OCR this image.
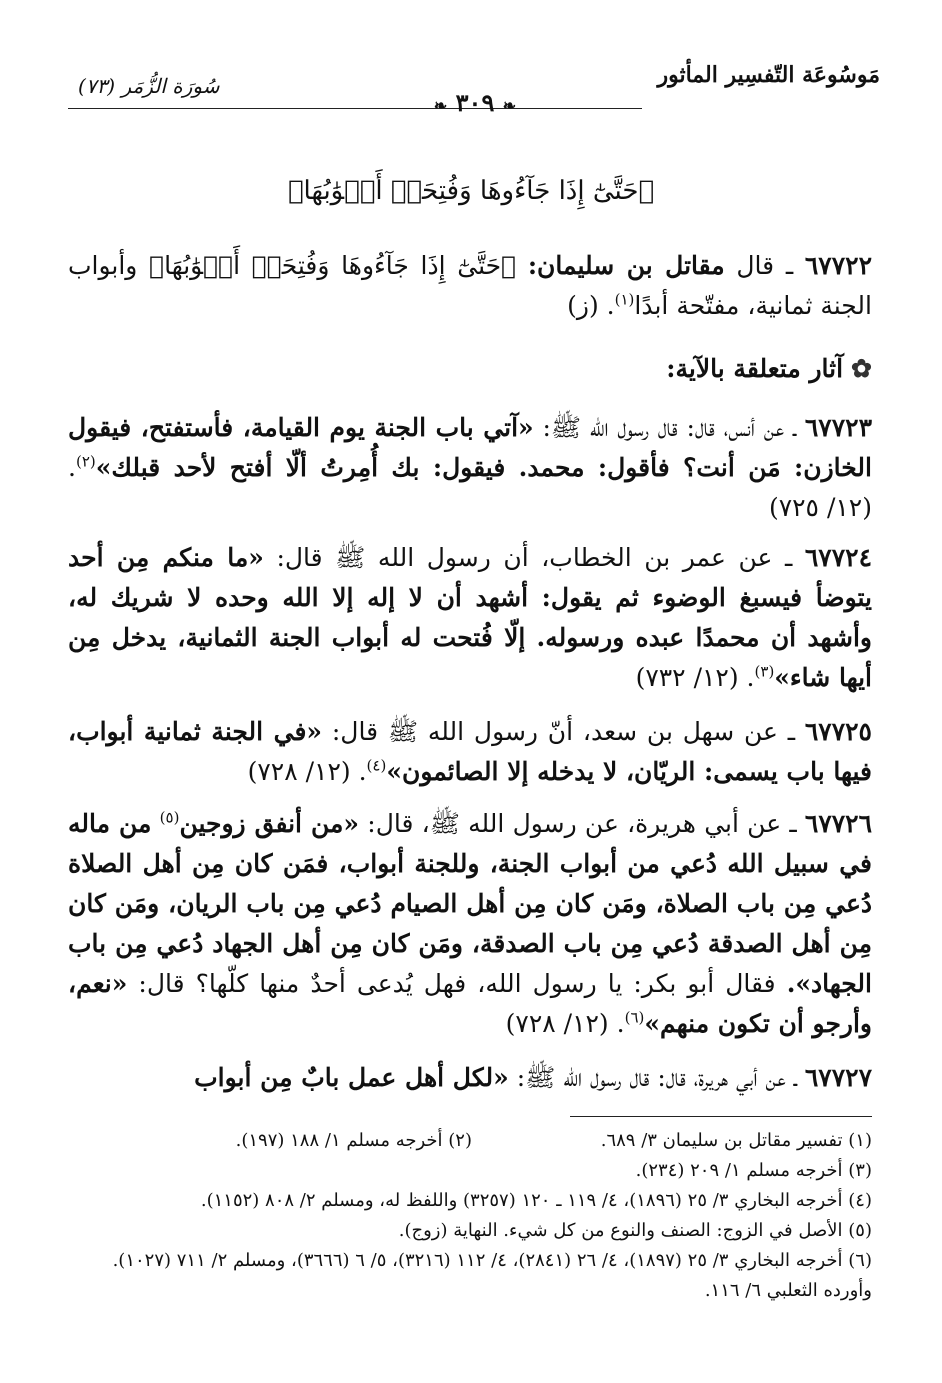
مَوسُوعَة التّفسِير المأثور
سُورَة الزُّمَر (٧٣)
❧ ٣٠٩ ❧
﴿حَتَّىٰٓ إِذَا جَآءُوهَا وَفُتِحَتۡ أَبۡوَٰبُهَا﴾
٦٧٧٢٢ ـ قال مقاتل بن سليمان: ﴿حَتَّىٰٓ إِذَا جَآءُوهَا وَفُتِحَتۡ أَبۡوَٰبُهَا﴾ وأبواب الجنة ثمانية، مفتّحة أبدًا$^{(١)}$. (ز)
✿آثار متعلقة بالآية:
٦٧٧٢٣ ـ عن أنس، قال: قال رسول الله ﷺ: «آتي باب الجنة يوم القيامة، فأستفتح، فيقول الخازن: مَن أنت؟ فأقول: محمد. فيقول: بك أُمِرتُ ألّا أفتح لأحد قبلك»$^{(٢)}$. (١٢/ ٧٢٥)
٦٧٧٢٤ ـ عن عمر بن الخطاب، أن رسول الله ﷺ قال: «ما منكم مِن أحد يتوضأ فيسبغ الوضوء ثم يقول: أشهد أن لا إله إلا الله وحده لا شريك له، وأشهد أن محمدًا عبده ورسوله. إلّا فُتحت له أبواب الجنة الثمانية، يدخل مِن أيها شاء»$^{(٣)}$. (١٢/ ٧٣٢)
٦٧٧٢٥ ـ عن سهل بن سعد، أنّ رسول الله ﷺ قال: «في الجنة ثمانية أبواب، فيها باب يسمى: الريّان، لا يدخله إلا الصائمون»$^{(٤)}$. (١٢/ ٧٢٨)
٦٧٧٢٦ ـ عن أبي هريرة، عن رسول الله ﷺ، قال: «من أنفق زوجين$^{(٥)}$ من ماله في سبيل الله دُعي من أبواب الجنة، وللجنة أبواب، فمَن كان مِن أهل الصلاة دُعي مِن باب الصلاة، ومَن كان مِن أهل الصيام دُعي مِن باب الريان، ومَن كان مِن أهل الصدقة دُعي مِن باب الصدقة، ومَن كان مِن أهل الجهاد دُعي مِن باب الجهاد». فقال أبو بكر: يا رسول الله، فهل يُدعى أحدٌ منها كلّها؟ قال: «نعم، وأرجو أن تكون منهم»$^{(٦)}$. (١٢/ ٧٢٨)
٦٧٧٢٧ ـ عن أبي هريرة، قال: قال رسول الله ﷺ: «لكل أهل عمل بابٌ مِن أبواب
(١) تفسير مقاتل بن سليمان ٣/ ٦٨٩.
(٢) أخرجه مسلم ١/ ١٨٨ (١٩٧).
(٣) أخرجه مسلم ١/ ٢٠٩ (٢٣٤).
(٤) أخرجه البخاري ٣/ ٢٥ (١٨٩٦)، ٤/ ١١٩ ـ ١٢٠ (٣٢٥٧) واللفظ له، ومسلم ٢/ ٨٠٨ (١١٥٢).
(٥) الأصل في الزوج: الصنف والنوع من كل شيء. النهاية (زوج).
(٦) أخرجه البخاري ٣/ ٢٥ (١٨٩٧)، ٤/ ٢٦ (٢٨٤١)، ٤/ ١١٢ (٣٢١٦)، ٥/ ٦ (٣٦٦٦)، ومسلم ٢/ ٧١١ (١٠٢٧). وأورده الثعلبي ٦/ ١١٦.
